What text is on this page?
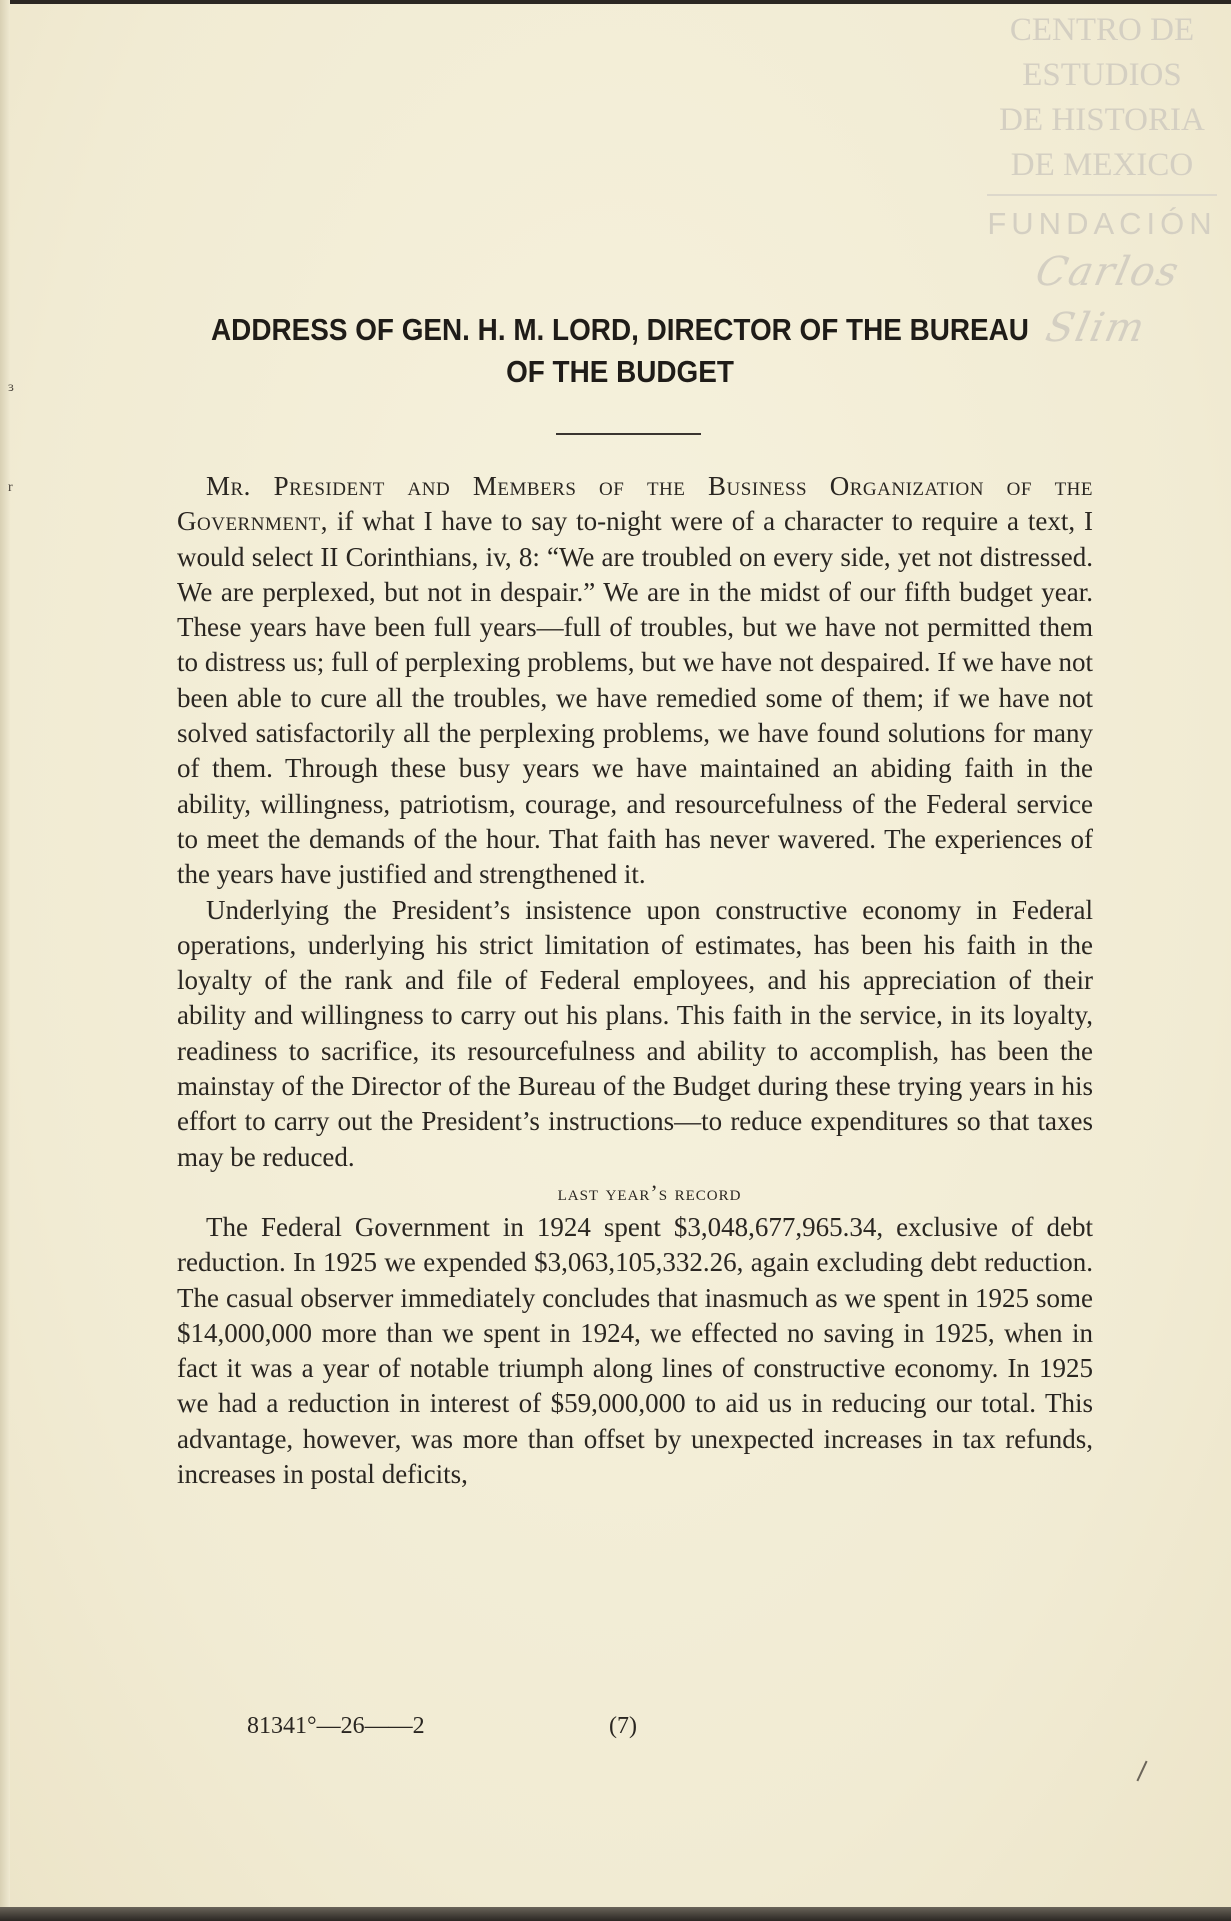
CENTRO DE
ESTUDIOS
DE HISTORIA
DE MEXICO
FUNDACIÓN
Carlos Slim
ɜ
r
ADDRESS OF GEN. H. M. LORD, DIRECTOR OF THE BUREAU
OF THE BUDGET

Mr. President and Members of the Business Organization of the Government, if what I have to say to-night were of a character to require a text, I would select II Corinthians, iv, 8: “We are troubled on every side, yet not distressed. We are perplexed, but not in despair.” We are in the midst of our fifth budget year. These years have been full years—full of troubles, but we have not permitted them to distress us; full of perplexing problems, but we have not despaired. If we have not been able to cure all the troubles, we have remedied some of them; if we have not solved satisfactorily all the perplexing problems, we have found solutions for many of them. Through these busy years we have maintained an abiding faith in the ability, willingness, patriotism, courage, and resourcefulness of the Federal service to meet the demands of the hour. That faith has never wavered. The experiences of the years have justified and strengthened it.

Underlying the President’s insistence upon constructive economy in Federal operations, underlying his strict limitation of estimates, has been his faith in the loyalty of the rank and file of Federal employees, and his appreciation of their ability and willingness to carry out his plans. This faith in the service, in its loyalty, readiness to sacrifice, its resourcefulness and ability to accomplish, has been the mainstay of the Director of the Bureau of the Budget during these trying years in his effort to carry out the President’s instructions—to reduce expenditures so that taxes may be reduced.

last year’s record

The Federal Government in 1924 spent $3,048,677,965.34, exclusive of debt reduction. In 1925 we expended $3,063,105,332.26, again excluding debt reduction. The casual observer immediately concludes that inasmuch as we spent in 1925 some $14,000,000 more than we spent in 1924, we effected no saving in 1925, when in fact it was a year of notable triumph along lines of constructive economy. In 1925 we had a reduction in interest of $59,000,000 to aid us in reducing our total. This advantage, however, was more than offset by unexpected increases in tax refunds, increases in postal deficits,

81341°—26——2	(7)
